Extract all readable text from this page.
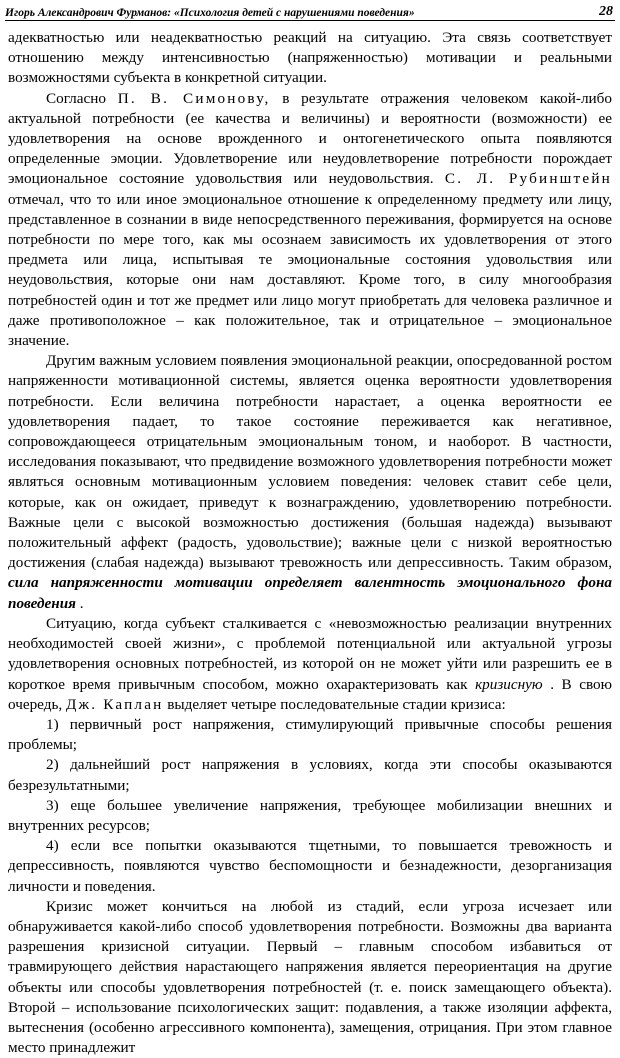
Игорь Александрович Фурманов: «Психология детей с нарушениями поведения»	28

адекватностью или неадекватностью реакций на ситуацию. Эта связь соответствует отношению между интенсивностью (напряженностью) мотивации и реальными возможностями субъекта в конкретной ситуации.

Согласно П. В. Симонову, в результате отражения человеком какой-либо актуальной потребности (ее качества и величины) и вероятности (возможности) ее удовлетворения на основе врожденного и онтогенетического опыта появляются определенные эмоции. Удовлетворение или неудовлетворение потребности порождает эмоциональное состояние удовольствия или неудовольствия. С. Л. Рубинштейн отмечал, что то или иное эмоциональное отношение к определенному предмету или лицу, представленное в сознании в виде непосредственного переживания, формируется на основе потребности по мере того, как мы осознаем зависимость их удовлетворения от этого предмета или лица, испытывая те эмоциональные состояния удовольствия или неудовольствия, которые они нам доставляют. Кроме того, в силу многообразия потребностей один и тот же предмет или лицо могут приобретать для человека различное и даже противоположное – как положительное, так и отрицательное – эмоциональное значение.

Другим важным условием появления эмоциональной реакции, опосредованной ростом напряженности мотивационной системы, является оценка вероятности удовлетворения потребности. Если величина потребности нарастает, а оценка вероятности ее удовлетворения падает, то такое состояние переживается как негативное, сопровождающееся отрицательным эмоциональным тоном, и наоборот. В частности, исследования показывают, что предвидение возможного удовлетворения потребности может являться основным мотивационным условием поведения: человек ставит себе цели, которые, как он ожидает, приведут к вознаграждению, удовлетворению потребности. Важные цели с высокой возможностью достижения (большая надежда) вызывают положительный аффект (радость, удовольствие); важные цели с низкой вероятностью достижения (слабая надежда) вызывают тревожность или депрессивность. Таким образом, сила напряженности мотивации определяет валентность эмоционального фона поведения .

Ситуацию, когда субъект сталкивается с «невозможностью реализации внутренних необходимостей своей жизни», с проблемой потенциальной или актуальной угрозы удовлетворения основных потребностей, из которой он не может уйти или разрешить ее в короткое время привычным способом, можно охарактеризовать как кризисную . В свою очередь, Дж. Каплан выделяет четыре последовательные стадии кризиса:

1) первичный рост напряжения, стимулирующий привычные способы решения проблемы;

2) дальнейший рост напряжения в условиях, когда эти способы оказываются безрезультатными;

3) еще большее увеличение напряжения, требующее мобилизации внешних и внутренних ресурсов;

4) если все попытки оказываются тщетными, то повышается тревожность и депрессивность, появляются чувство беспомощности и безнадежности, дезорганизация личности и поведения.

Кризис может кончиться на любой из стадий, если угроза исчезает или обнаруживается какой-либо способ удовлетворения потребности. Возможны два варианта разрешения кризисной ситуации. Первый – главным способом избавиться от травмирующего действия нарастающего напряжения является переориентация на другие объекты или способы удовлетворения потребностей (т. е. поиск замещающего объекта). Второй – использование психологических защит: подавления, а также изоляции аффекта, вытеснения (особенно агрессивного компонента), замещения, отрицания. При этом главное место принадлежит
